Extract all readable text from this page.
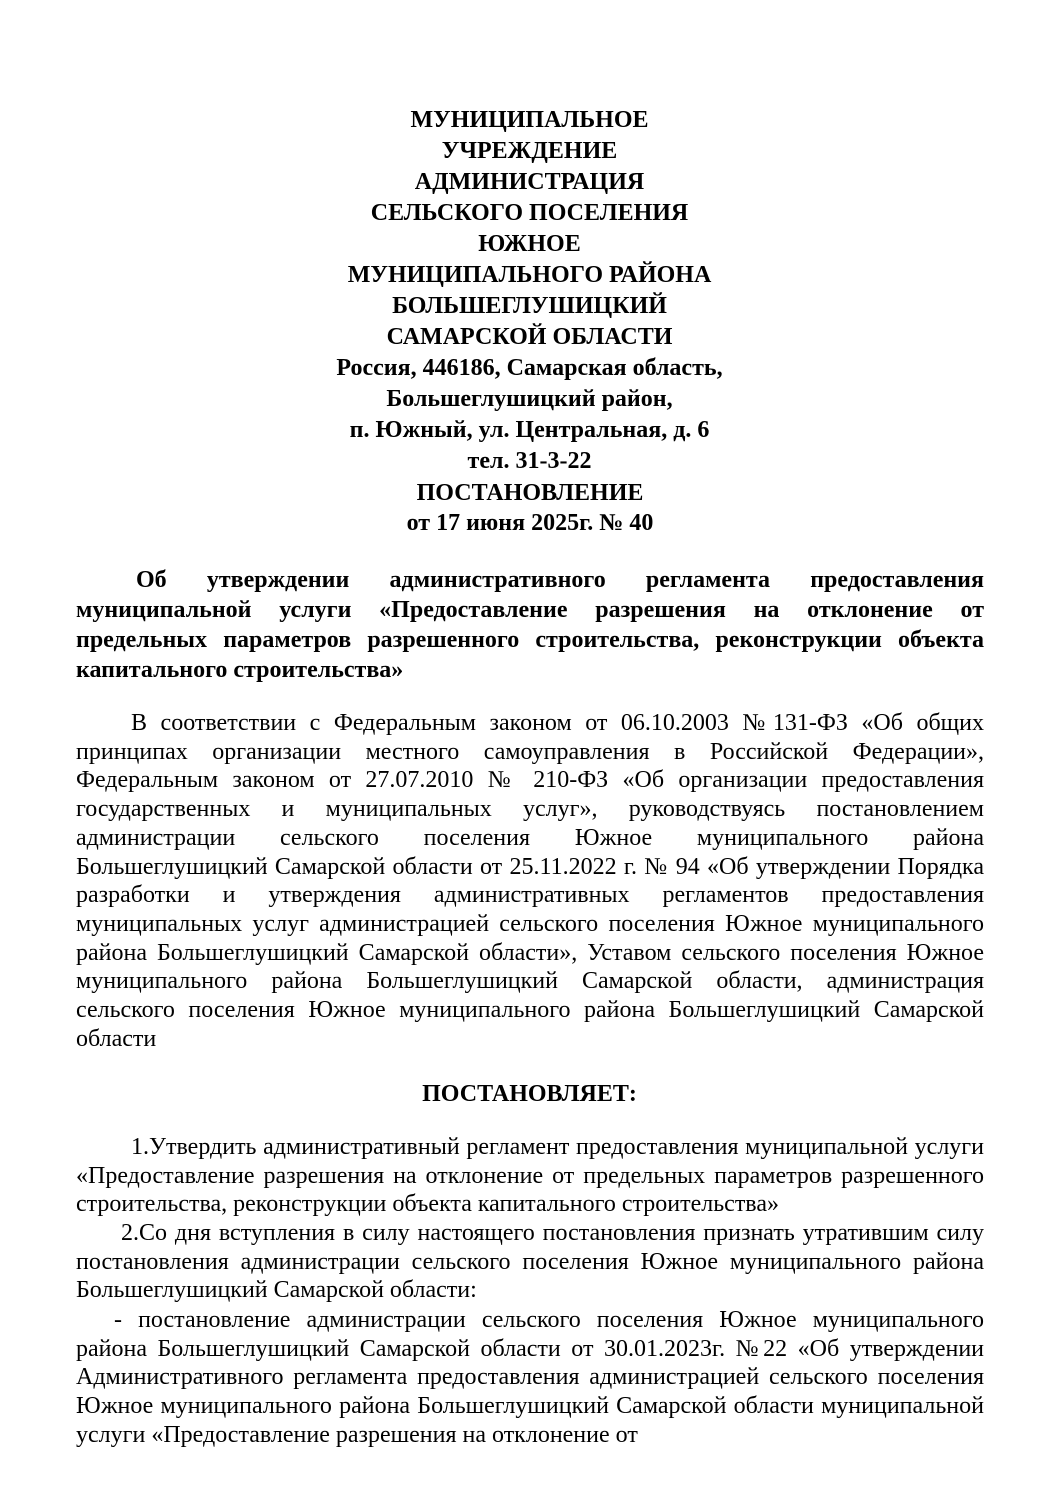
МУНИЦИПАЛЬНОЕ
УЧРЕЖДЕНИЕ
АДМИНИСТРАЦИЯ
СЕЛЬСКОГО ПОСЕЛЕНИЯ
ЮЖНОЕ
МУНИЦИПАЛЬНОГО РАЙОНА
БОЛЬШЕГЛУШИЦКИЙ
САМАРСКОЙ ОБЛАСТИ
Россия, 446186, Самарская область,
Большеглушицкий район,
п. Южный, ул. Центральная, д. 6
тел. 31-3-22
ПОСТАНОВЛЕНИЕ
от 17 июня 2025г. № 40
Об утверждении административного регламента предоставления муниципальной услуги «Предоставление разрешения на отклонение от предельных параметров разрешенного строительства, реконструкции объекта капитального строительства»
В соответствии с Федеральным законом от 06.10.2003 №131-ФЗ «Об общих принципах организации местного самоуправления в Российской Федерации», Федеральным законом от 27.07.2010 № 210-ФЗ «Об организации предоставления государственных и муниципальных услуг», руководствуясь постановлением администрации сельского поселения Южное муниципального района Большеглушицкий Самарской области от 25.11.2022 г. № 94 «Об утверждении Порядка разработки и утверждения административных регламентов предоставления муниципальных услуг администрацией сельского поселения Южное муниципального района Большеглушицкий Самарской области», Уставом сельского поселения Южное муниципального района Большеглушицкий Самарской области, администрация сельского поселения Южное муниципального района Большеглушицкий Самарской области
ПОСТАНОВЛЯЕТ:
1.Утвердить административный регламент предоставления муниципальной услуги «Предоставление разрешения на отклонение от предельных параметров разрешенного строительства, реконструкции объекта капитального строительства»
2.Со дня вступления в силу настоящего постановления признать утратившим силу постановления администрации сельского поселения Южное муниципального района Большеглушицкий Самарской области:
- постановление администрации сельского поселения Южное муниципального района Большеглушицкий Самарской области от 30.01.2023г. №22 «Об утверждении Административного регламента предоставления администрацией сельского поселения Южное муниципального района Большеглушицкий Самарской области муниципальной услуги «Предоставление разрешения на отклонение от
